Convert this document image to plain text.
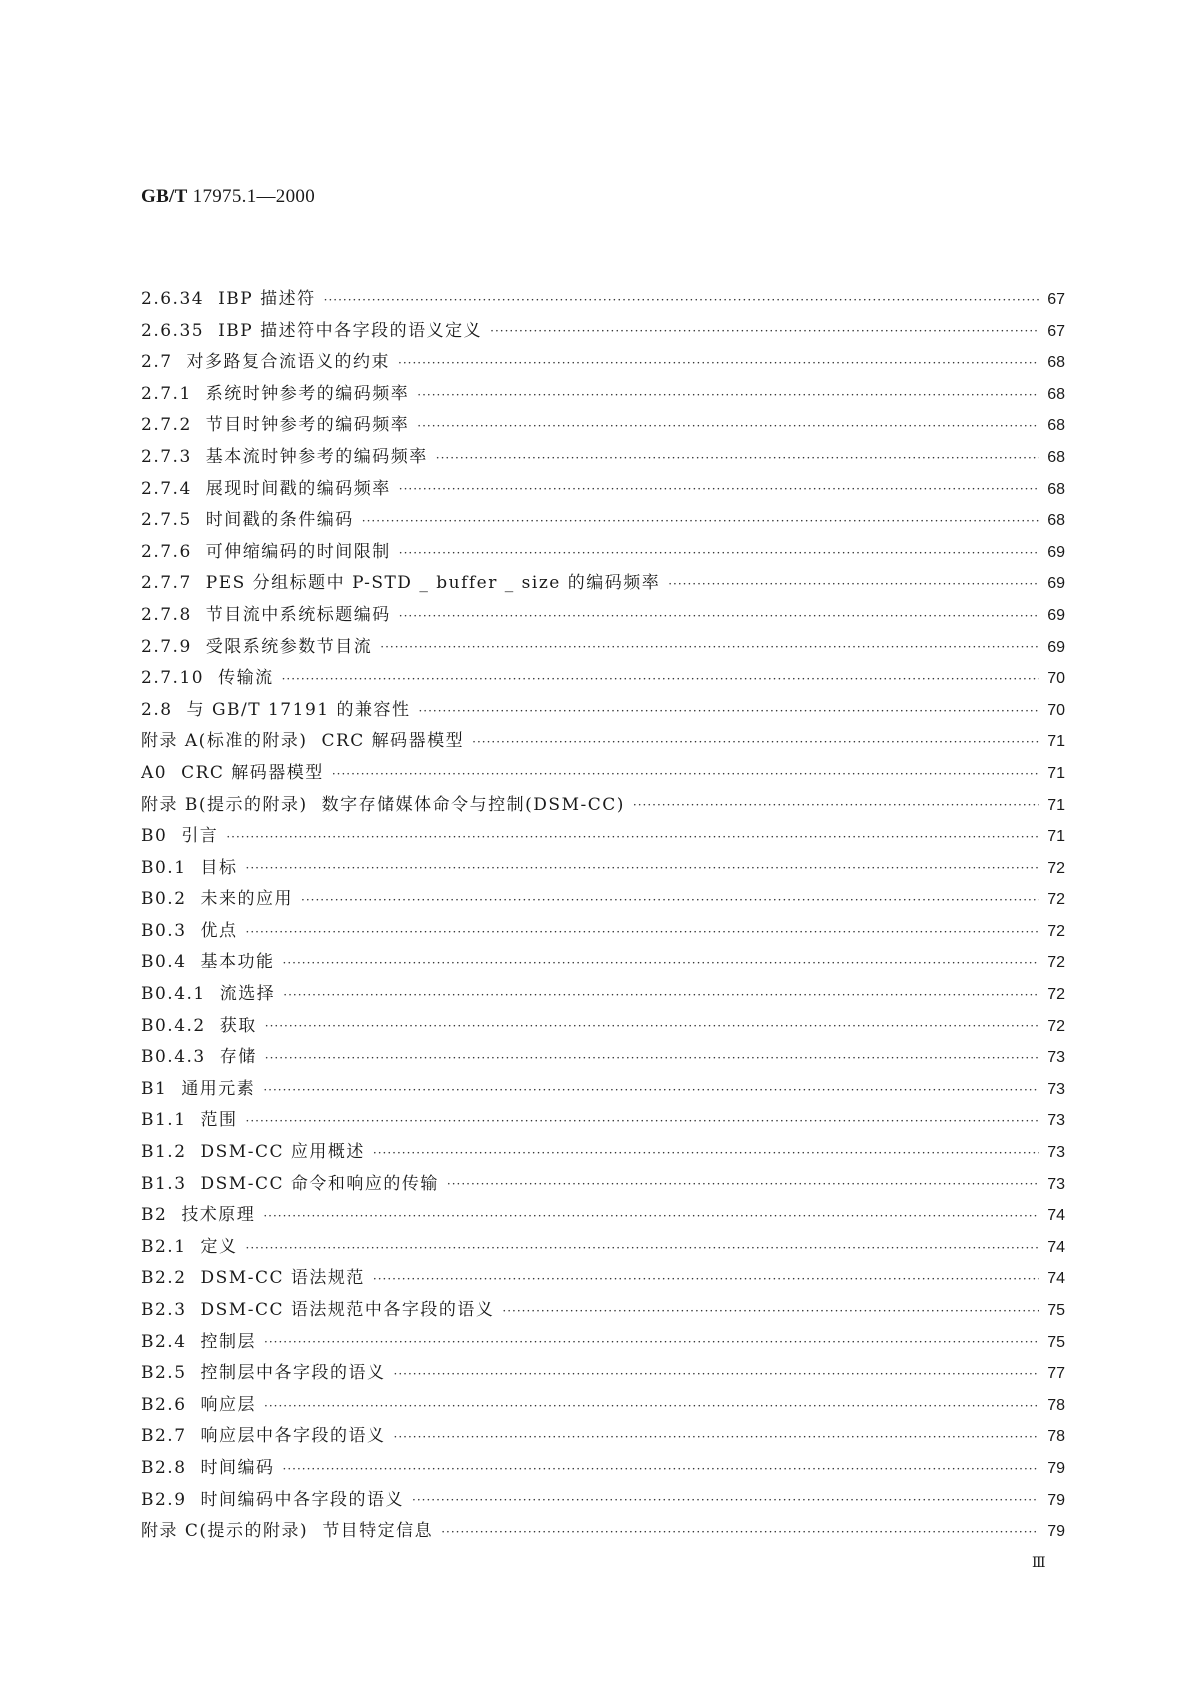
GB/T 17975.1—2000
2.6.34 IBP 描述符 ·····	67
2.6.35 IBP 描述符中各字段的语义定义 ·····	67
2.7 对多路复合流语义的约束 ·····	68
2.7.1 系统时钟参考的编码频率 ·····	68
2.7.2 节目时钟参考的编码频率 ·····	68
2.7.3 基本流时钟参考的编码频率 ·····	68
2.7.4 展现时间戳的编码频率 ·····	68
2.7.5 时间戳的条件编码 ·····	68
2.7.6 可伸缩编码的时间限制 ·····	69
2.7.7 PES 分组标题中 P-STD _ buffer _ size 的编码频率 ·····	69
2.7.8 节目流中系统标题编码 ·····	69
2.7.9 受限系统参数节目流 ·····	69
2.7.10 传输流 ·····	70
2.8 与 GB/T 17191 的兼容性 ·····	70
附录 A(标准的附录) CRC 解码器模型 ·····	71
A0 CRC 解码器模型 ·····	71
附录 B(提示的附录) 数字存储媒体命令与控制(DSM-CC) ·····	71
B0 引言 ·····	71
B0.1 目标 ·····	72
B0.2 未来的应用 ·····	72
B0.3 优点 ·····	72
B0.4 基本功能 ·····	72
B0.4.1 流选择 ·····	72
B0.4.2 获取 ·····	72
B0.4.3 存储 ·····	73
B1 通用元素 ·····	73
B1.1 范围 ·····	73
B1.2 DSM-CC 应用概述 ·····	73
B1.3 DSM-CC 命令和响应的传输 ·····	73
B2 技术原理 ·····	74
B2.1 定义 ·····	74
B2.2 DSM-CC 语法规范 ·····	74
B2.3 DSM-CC 语法规范中各字段的语义 ·····	75
B2.4 控制层 ·····	75
B2.5 控制层中各字段的语义 ·····	77
B2.6 响应层 ·····	78
B2.7 响应层中各字段的语义 ·····	78
B2.8 时间编码 ·····	79
B2.9 时间编码中各字段的语义 ·····	79
附录 C(提示的附录) 节目特定信息 ·····	79
Ⅲ
